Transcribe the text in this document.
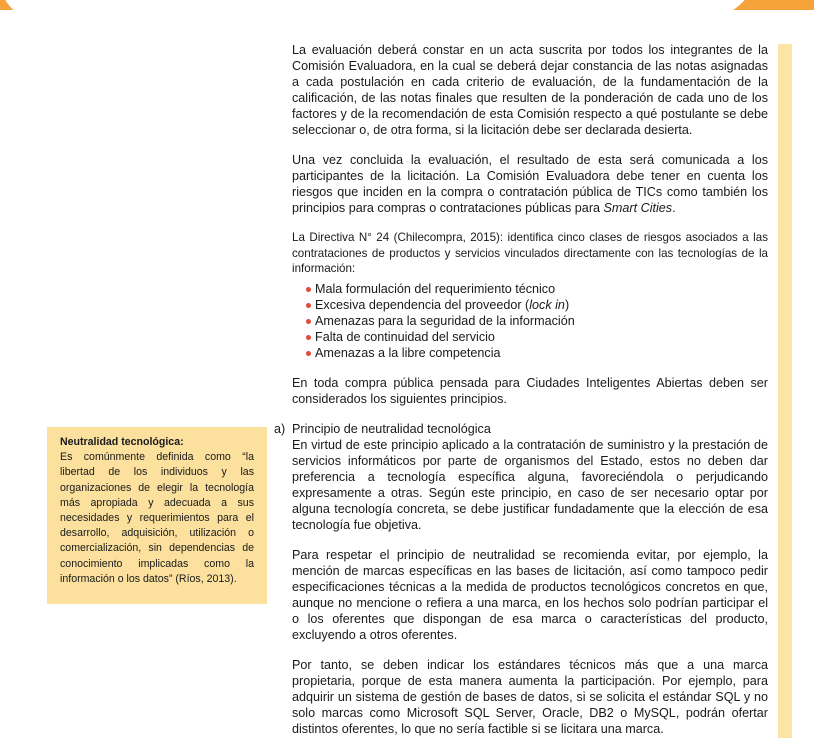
La evaluación deberá constar en un acta suscrita por todos los integrantes de la Comisión Evaluadora, en la cual se deberá dejar constancia de las notas asignadas a cada postulación en cada criterio de evaluación, de la fundamentación de la calificación, de las notas finales que resulten de la ponderación de cada uno de los factores y de la recomendación de esta Comisión respecto a qué postulante se debe seleccionar o, de otra forma, si la licitación debe ser declarada desierta.

Una vez concluida la evaluación, el resultado de esta será comunicada a los participantes de la licitación. La Comisión Evaluadora debe tener en cuenta los riesgos que inciden en la compra o contratación pública de TICs como también los principios para compras o contrataciones públicas para Smart Cities.

La Directiva N° 24 (Chilecompra, 2015): identifica cinco clases de riesgos asociados a las contrataciones de productos y servicios vinculados directamente con las tecnologías de la información:

Mala formulación del requerimiento técnico
Excesiva dependencia del proveedor (lock in)
Amenazas para la seguridad de la información
Falta de continuidad del servicio
Amenazas a la libre competencia

En toda compra pública pensada para Ciudades Inteligentes Abiertas deben ser considerados los siguientes principios.

a) Principio de neutralidad tecnológica

En virtud de este principio aplicado a la contratación de suministro y la prestación de servicios informáticos por parte de organismos del Estado, estos no deben dar preferencia a tecnología específica alguna, favoreciéndola o perjudicando expresamente a otras. Según este principio, en caso de ser necesario optar por alguna tecnología concreta, se debe justificar fundadamente que la elección de esa tecnología fue objetiva.

Para respetar el principio de neutralidad se recomienda evitar, por ejemplo, la mención de marcas específicas en las bases de licitación, así como tampoco pedir especificaciones técnicas a la medida de productos tecnológicos concretos en que, aunque no mencione o refiera a una marca, en los hechos solo podrían participar el o los oferentes que dispongan de esa marca o características del producto, excluyendo a otros oferentes.

Por tanto, se deben indicar los estándares técnicos más que a una marca propietaria, porque de esta manera aumenta la participación. Por ejemplo, para adquirir un sistema de gestión de bases de datos, si se solicita el estándar SQL y no solo marcas como Microsoft SQL Server, Oracle, DB2 o MySQL, podrán ofertar distintos oferentes, lo que no sería factible si se licitara una marca.

Neutralidad tecnológica:

Es comúnmente definida como “la libertad de los individuos y las organizaciones de elegir la tecnología más apropiada y adecuada a sus necesidades y requerimientos para el desarrollo, adquisición, utilización o comercialización, sin dependencias de conocimiento implicadas como la información o los datos” (Ríos, 2013).
